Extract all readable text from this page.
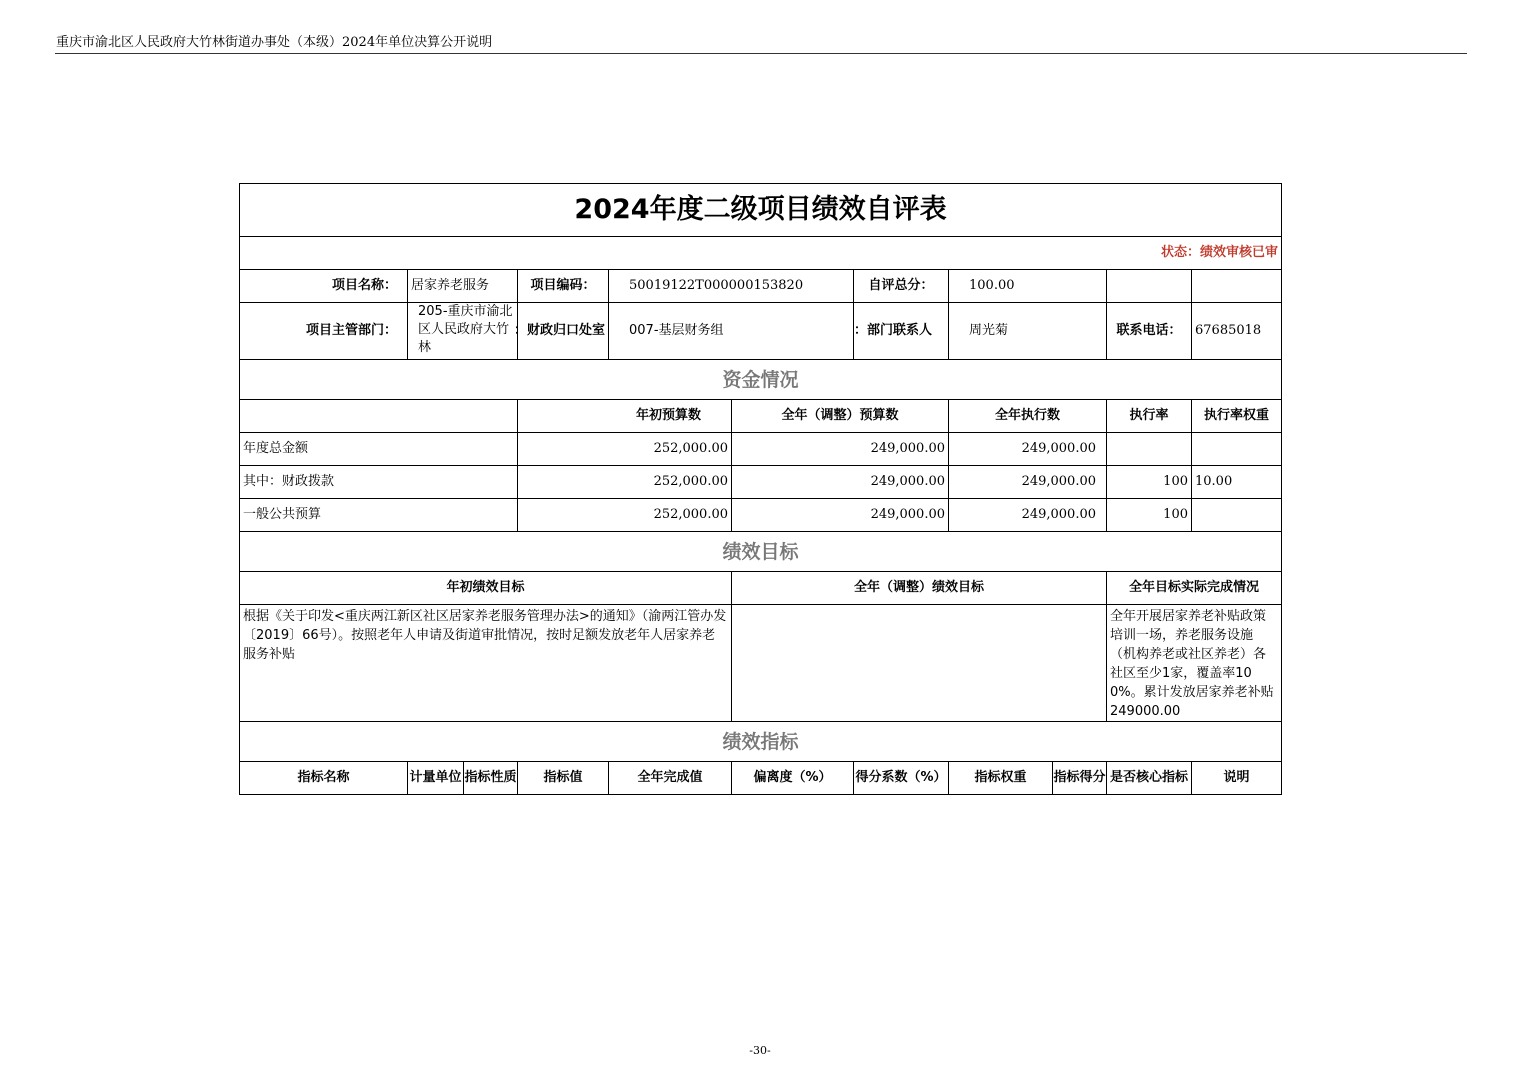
重庆市渝北区人民政府大竹林街道办事处（本级）2024年单位决算公开说明
2024年度二级项目绩效自评表											
状态：绩效审核已审											
项目名称：	居家养老服务		项目编码：	50019122T000000153820		自评总分：	100.00				
项目主管部门：	205-重庆市渝北区人民政府大竹林		财政归口处室：	007-基层财务组		部门联系人：	周光菊		联系电话：	67685018	
资金情况											
			年初预算数		全年（调整）预算数		全年执行数		执行率	执行率权重	
年度总金额			252,000.00		249,000.00		249,000.00				
其中：财政拨款			252,000.00		249,000.00		249,000.00		100	10.00	
一般公共预算			252,000.00		249,000.00		249,000.00		100		
绩效目标											
年初绩效目标					全年（调整）绩效目标				全年目标实际完成情况		
根据《关于印发<重庆两江新区社区居家养老服务管理办法>的通知》（渝两江管办发〔2019〕66号）。按照老年人申请及街道审批情况，按时足额发放老年人居家养老服务补贴									全年开展居家养老补贴政策培训一场，养老服务设施（机构养老或社区养老）各社区至少1家，覆盖率100%。累计发放居家养老补贴249000.00		
绩效指标											
指标名称	计量单位	指标性质	指标值	全年完成值	偏离度（%）	得分系数（%）	指标权重	指标得分	是否核心指标	说明	
-30-
